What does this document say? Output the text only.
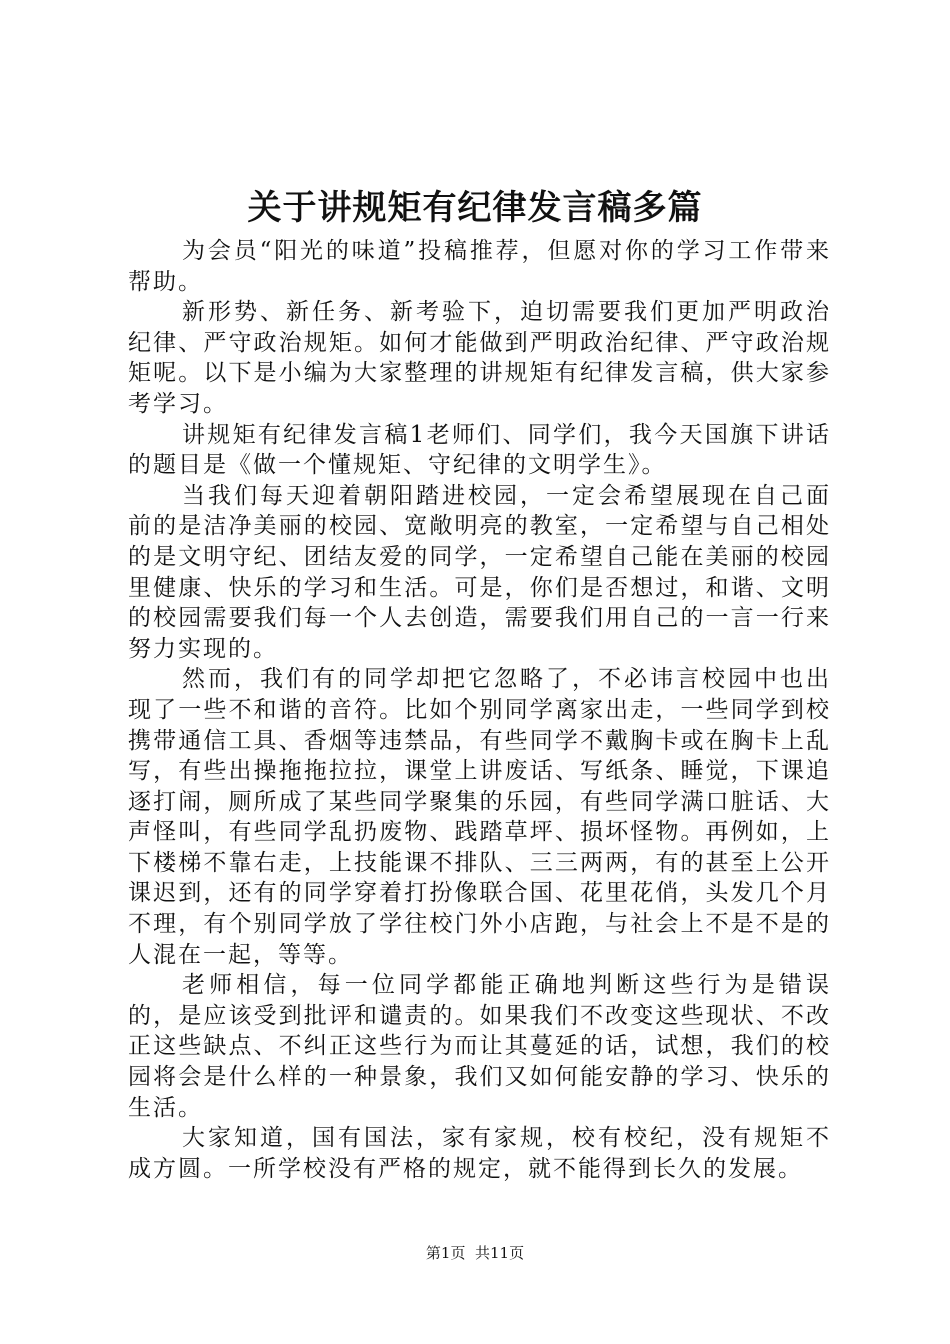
关于讲规矩有纪律发言稿多篇

为会员“阳光的味道”投稿推荐，但愿对你的学习工作带来帮助。

新形势、新任务、新考验下，迫切需要我们更加严明政治纪律、严守政治规矩。如何才能做到严明政治纪律、严守政治规矩呢。以下是小编为大家整理的讲规矩有纪律发言稿，供大家参考学习。

讲规矩有纪律发言稿1老师们、同学们，我今天国旗下讲话的题目是《做一个懂规矩、守纪律的文明学生》。

当我们每天迎着朝阳踏进校园，一定会希望展现在自己面前的是洁净美丽的校园、宽敞明亮的教室，一定希望与自己相处的是文明守纪、团结友爱的同学，一定希望自己能在美丽的校园里健康、快乐的学习和生活。可是，你们是否想过，和谐、文明的校园需要我们每一个人去创造，需要我们用自己的一言一行来努力实现的。

然而，我们有的同学却把它忽略了，不必讳言校园中也出现了一些不和谐的音符。比如个别同学离家出走，一些同学到校携带通信工具、香烟等违禁品，有些同学不戴胸卡或在胸卡上乱写，有些出操拖拖拉拉，课堂上讲废话、写纸条、睡觉，下课追逐打闹，厕所成了某些同学聚集的乐园，有些同学满口脏话、大声怪叫，有些同学乱扔废物、践踏草坪、损坏怪物。再例如，上下楼梯不靠右走，上技能课不排队、三三两两，有的甚至上公开课迟到，还有的同学穿着打扮像联合国、花里花俏，头发几个月不理，有个别同学放了学往校门外小店跑，与社会上不是不是的人混在一起，等等。

老师相信，每一位同学都能正确地判断这些行为是错误的，是应该受到批评和谴责的。如果我们不改变这些现状、不改正这些缺点、不纠正这些行为而让其蔓延的话，试想，我们的校园将会是什么样的一种景象，我们又如何能安静的学习、快乐的生活。

大家知道，国有国法，家有家规，校有校纪，没有规矩不成方圆。一所学校没有严格的规定，就不能得到长久的发展。

第1页  共11页
